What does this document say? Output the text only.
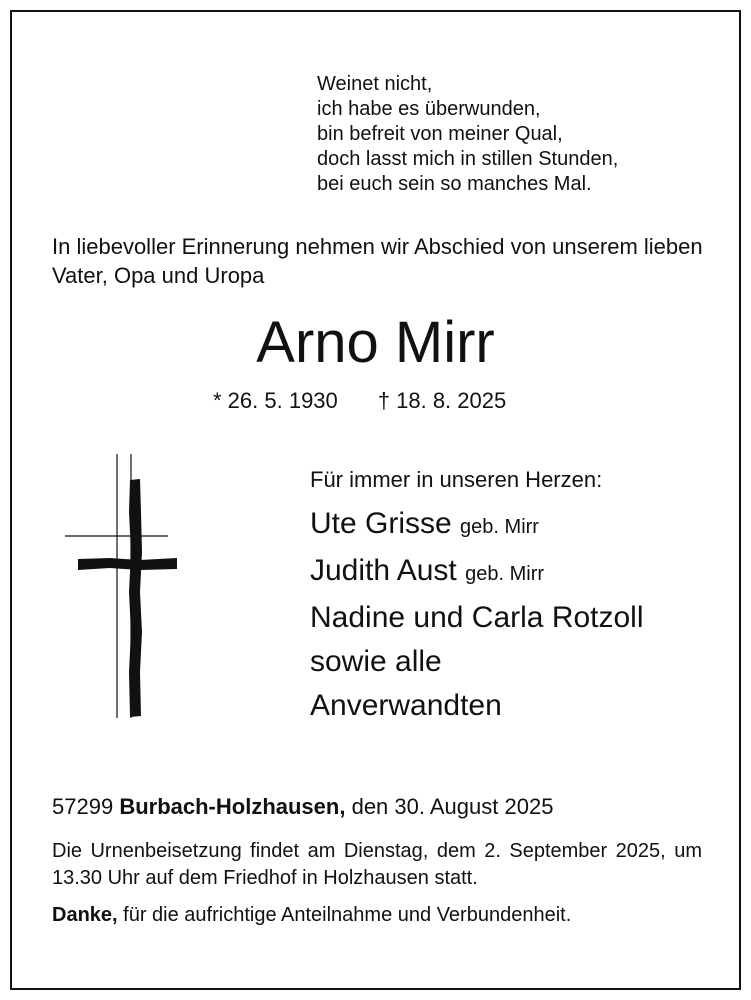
Weinet nicht,
ich habe es überwunden,
bin befreit von meiner Qual,
doch lasst mich in stillen Stunden,
bei euch sein so manches Mal.
In liebevoller Erinnerung nehmen wir Abschied von unserem lieben Vater, Opa und Uropa
Arno Mirr
* 26. 5. 1930 † 18. 8. 2025
Für immer in unseren Herzen:
Ute Grisse geb. Mirr
Judith Aust geb. Mirr
Nadine und Carla Rotzoll
sowie alle
Anverwandten
57299 Burbach-Holzhausen, den 30. August 2025
Die Urnenbeisetzung findet am Dienstag, dem 2. September 2025, um 13.30 Uhr auf dem Friedhof in Holzhausen statt.
Danke, für die aufrichtige Anteilnahme und Verbundenheit.
